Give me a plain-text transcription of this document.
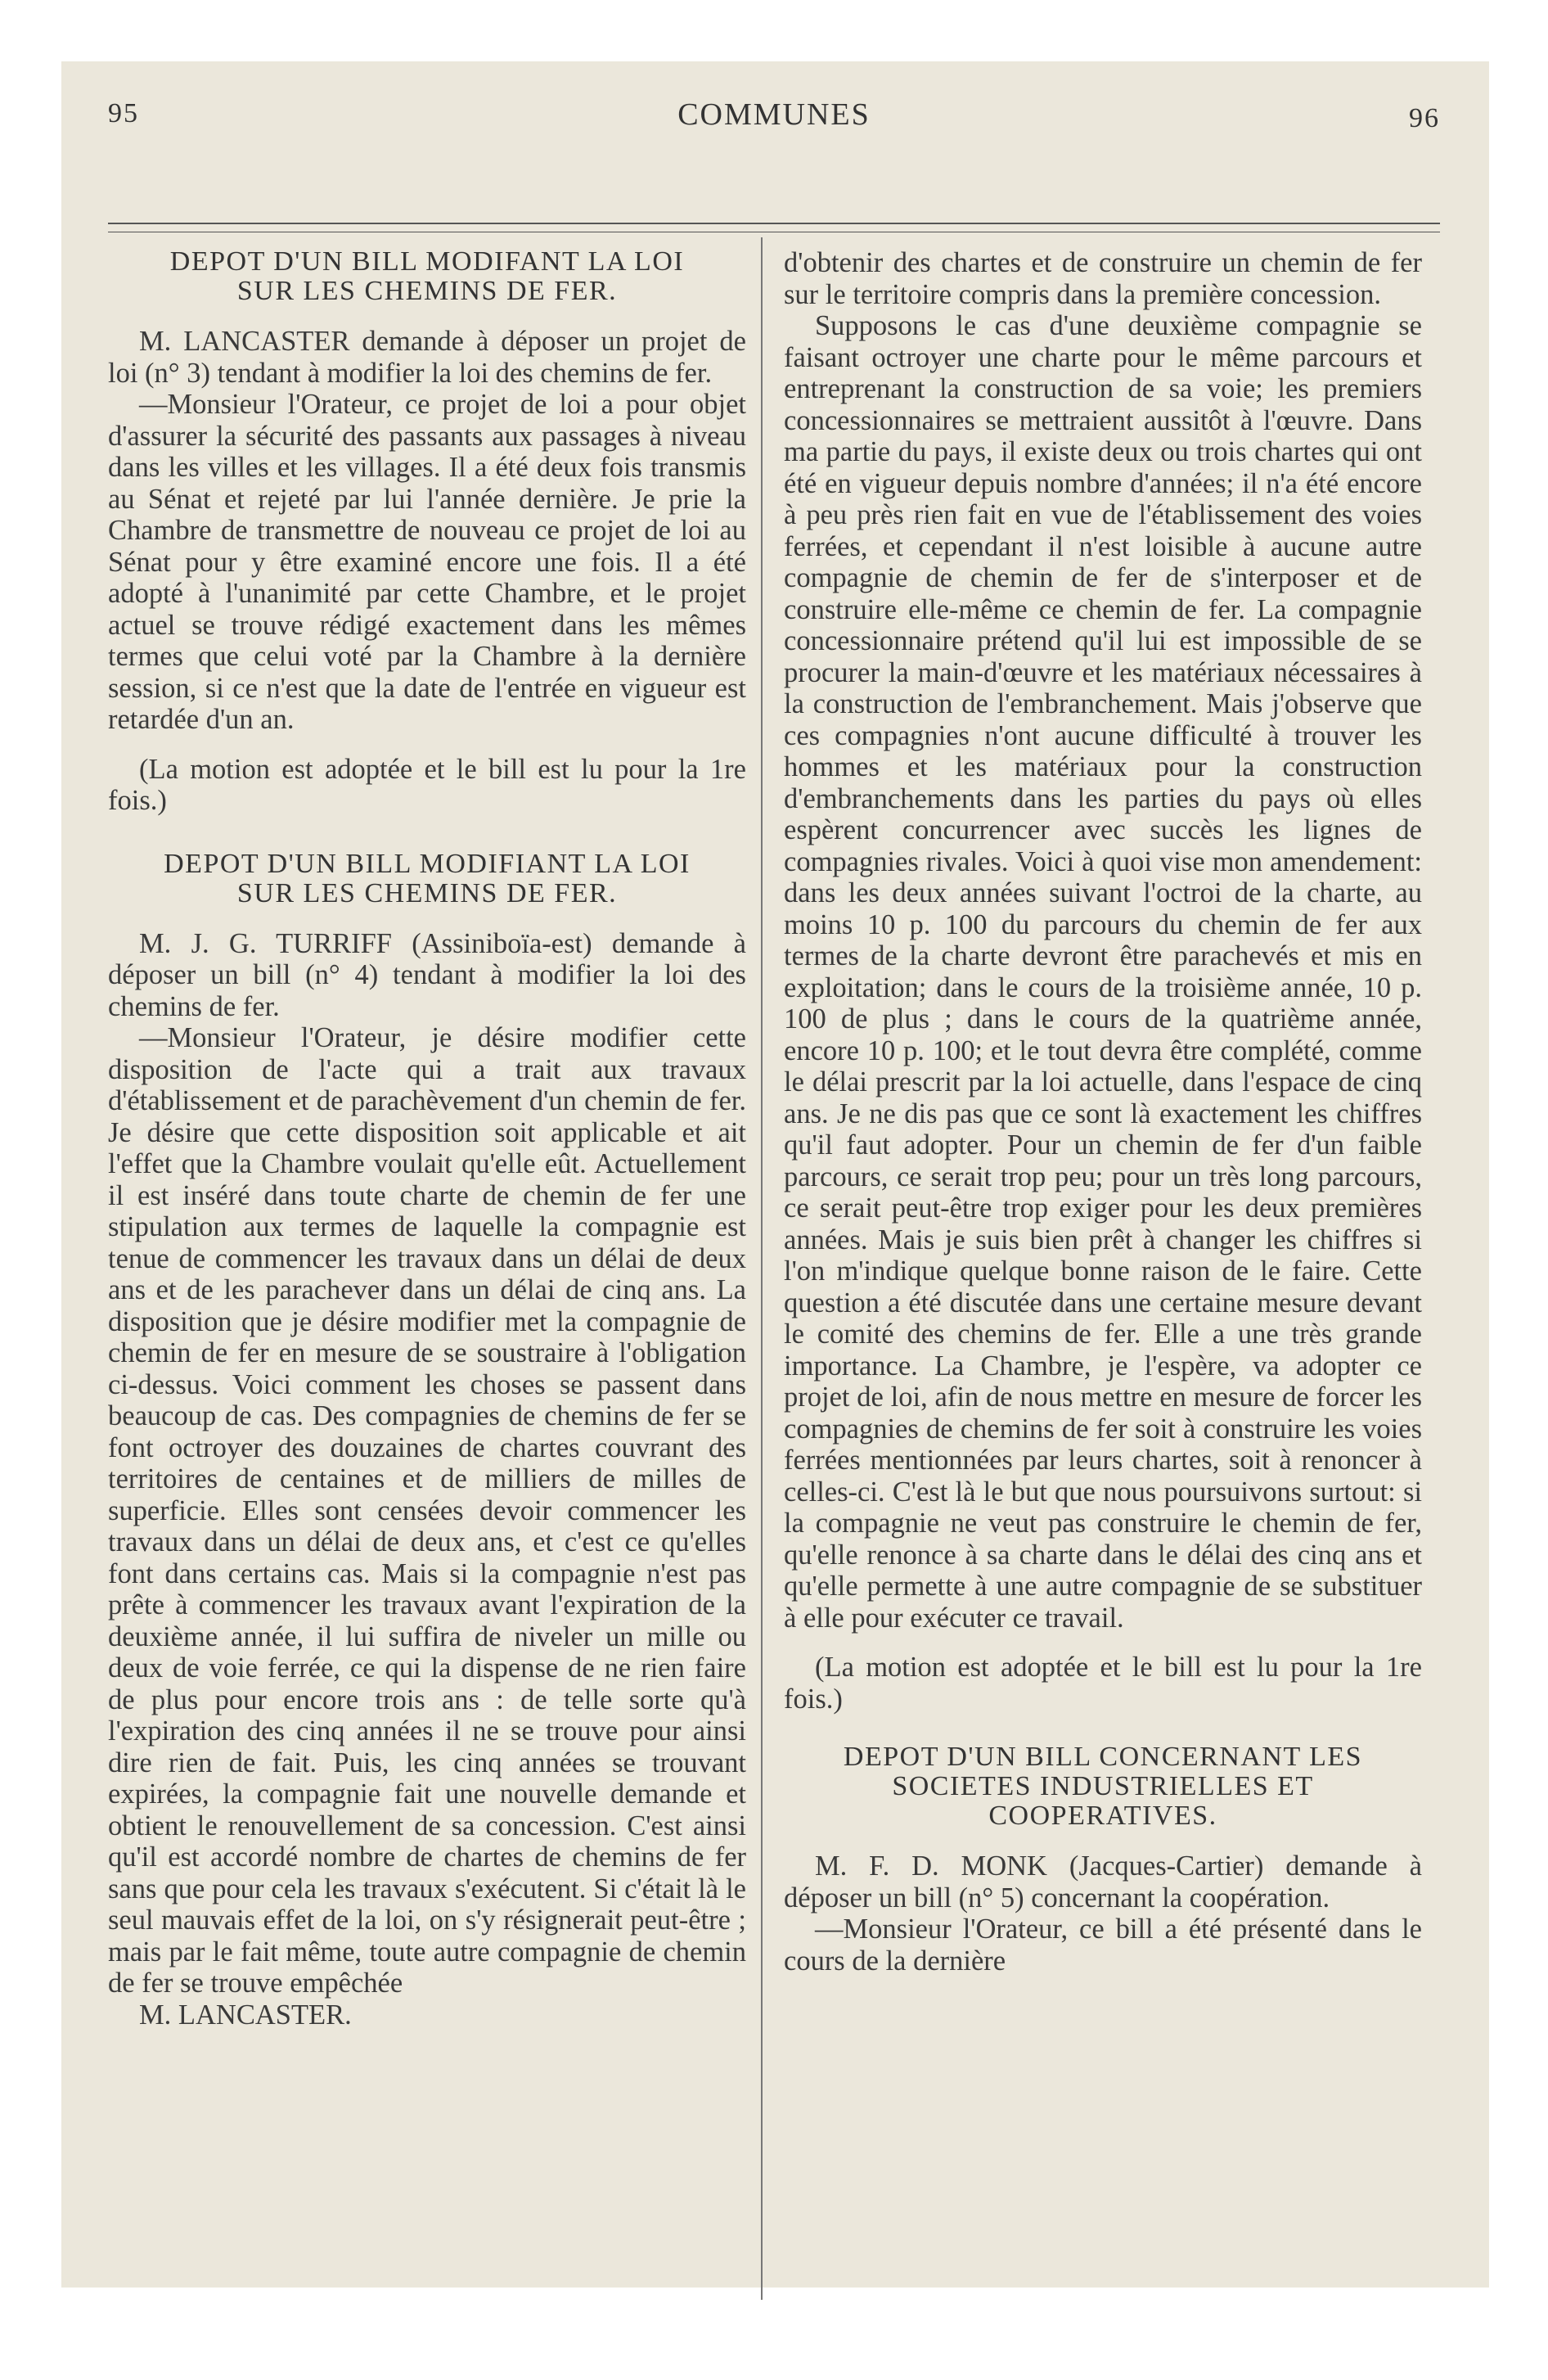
95	COMMUNES	96
DEPOT D'UN BILL MODIFANT LA LOI
SUR LES CHEMINS DE FER.

M. LANCASTER demande à déposer un projet de loi (n° 3) tendant à modifier la loi des chemins de fer.

—Monsieur l'Orateur, ce projet de loi a pour objet d'assurer la sécurité des passants aux passages à niveau dans les villes et les villages. Il a été deux fois transmis au Sénat et rejeté par lui l'année dernière. Je prie la Chambre de transmettre de nouveau ce projet de loi au Sénat pour y être examiné encore une fois. Il a été adopté à l'unanimité par cette Chambre, et le projet actuel se trouve rédigé exactement dans les mêmes termes que celui voté par la Chambre à la dernière session, si ce n'est que la date de l'entrée en vigueur est retardée d'un an.

(La motion est adoptée et le bill est lu pour la 1re fois.)

DEPOT D'UN BILL MODIFIANT LA LOI
SUR LES CHEMINS DE FER.

M. J. G. TURRIFF (Assiniboïa-est) demande à déposer un bill (n° 4) tendant à modifier la loi des chemins de fer.

—Monsieur l'Orateur, je désire modifier cette disposition de l'acte qui a trait aux travaux d'établissement et de parachèvement d'un chemin de fer. Je désire que cette disposition soit applicable et ait l'effet que la Chambre voulait qu'elle eût. Actuellement il est inséré dans toute charte de chemin de fer une stipulation aux termes de laquelle la compagnie est tenue de commencer les travaux dans un délai de deux ans et de les parachever dans un délai de cinq ans. La disposition que je désire modifier met la compagnie de chemin de fer en mesure de se soustraire à l'obligation ci-dessus. Voici comment les choses se passent dans beaucoup de cas. Des compagnies de chemins de fer se font octroyer des douzaines de chartes couvrant des territoires de centaines et de milliers de milles de superficie. Elles sont censées devoir commencer les travaux dans un délai de deux ans, et c'est ce qu'elles font dans certains cas. Mais si la compagnie n'est pas prête à commencer les travaux avant l'expiration de la deuxième année, il lui suffira de niveler un mille ou deux de voie ferrée, ce qui la dispense de ne rien faire de plus pour encore trois ans : de telle sorte qu'à l'expiration des cinq années il ne se trouve pour ainsi dire rien de fait. Puis, les cinq années se trouvant expirées, la compagnie fait une nouvelle demande et obtient le renouvellement de sa concession. C'est ainsi qu'il est accordé nombre de chartes de chemins de fer sans que pour cela les travaux s'exécutent. Si c'était là le seul mauvais effet de la loi, on s'y résignerait peut-être ; mais par le fait même, toute autre compagnie de chemin de fer se trouve empêchée

M. LANCASTER.

d'obtenir des chartes et de construire un chemin de fer sur le territoire compris dans la première concession.

Supposons le cas d'une deuxième compagnie se faisant octroyer une charte pour le même parcours et entreprenant la construction de sa voie; les premiers concessionnaires se mettraient aussitôt à l'œuvre. Dans ma partie du pays, il existe deux ou trois chartes qui ont été en vigueur depuis nombre d'années; il n'a été encore à peu près rien fait en vue de l'établissement des voies ferrées, et cependant il n'est loisible à aucune autre compagnie de chemin de fer de s'interposer et de construire elle-même ce chemin de fer. La compagnie concessionnaire prétend qu'il lui est impossible de se procurer la main-d'œuvre et les matériaux nécessaires à la construction de l'embranchement. Mais j'observe que ces compagnies n'ont aucune difficulté à trouver les hommes et les matériaux pour la construction d'embranchements dans les parties du pays où elles espèrent concurrencer avec succès les lignes de compagnies rivales. Voici à quoi vise mon amendement: dans les deux années suivant l'octroi de la charte, au moins 10 p. 100 du parcours du chemin de fer aux termes de la charte devront être parachevés et mis en exploitation; dans le cours de la troisième année, 10 p. 100 de plus ; dans le cours de la quatrième année, encore 10 p. 100; et le tout devra être complété, comme le délai prescrit par la loi actuelle, dans l'espace de cinq ans. Je ne dis pas que ce sont là exactement les chiffres qu'il faut adopter. Pour un chemin de fer d'un faible parcours, ce serait trop peu; pour un très long parcours, ce serait peut-être trop exiger pour les deux premières années. Mais je suis bien prêt à changer les chiffres si l'on m'indique quelque bonne raison de le faire. Cette question a été discutée dans une certaine mesure devant le comité des chemins de fer. Elle a une très grande importance. La Chambre, je l'espère, va adopter ce projet de loi, afin de nous mettre en mesure de forcer les compagnies de chemins de fer soit à construire les voies ferrées mentionnées par leurs chartes, soit à renoncer à celles-ci. C'est là le but que nous poursuivons surtout: si la compagnie ne veut pas construire le chemin de fer, qu'elle renonce à sa charte dans le délai des cinq ans et qu'elle permette à une autre compagnie de se substituer à elle pour exécuter ce travail.

(La motion est adoptée et le bill est lu pour la 1re fois.)

DEPOT D'UN BILL CONCERNANT LES
SOCIETES INDUSTRIELLES ET
COOPERATIVES.

M. F. D. MONK (Jacques-Cartier) demande à déposer un bill (n° 5) concernant la coopération.

—Monsieur l'Orateur, ce bill a été présenté dans le cours de la dernière
